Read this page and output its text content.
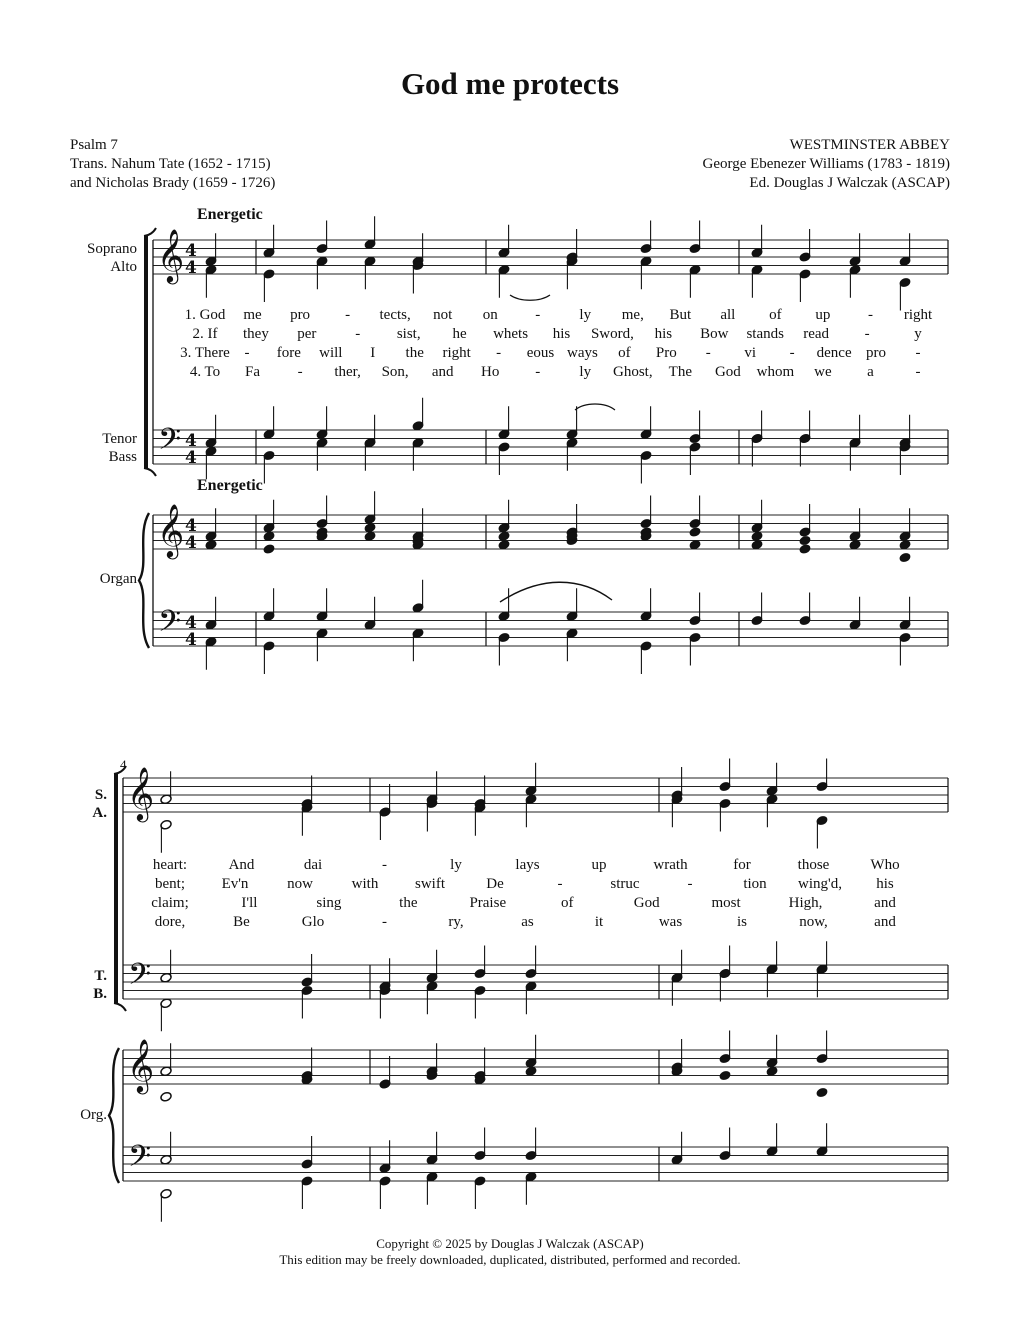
God me protects
Psalm 7
Trans. Nahum Tate (1652 - 1715)
and Nicholas Brady (1659 - 1726)
WESTMINSTER ABBEY
George Ebenezer Williams (1783 - 1819)
Ed. Douglas J Walczak (ASCAP)
Energetic
Energetic
Soprano
Alto
Tenor
Bass
Organ
4
S.
A.
T.
B.
Org.
𝄞
𝄢
𝄞
𝄢
4
4
4
4
4
4
4
4
𝄞
𝄢
𝄞
𝄢
1. God me pro - tects, not on	-	ly me, But all of up	- right
2. If they per	- sist, he whets his Sword, his Bow stands read -	y
3. There - fore will I the right - eous ways of Pro - vi - dence pro -
4. To Fa	- ther, Son, and Ho -	ly Ghost, The God whom we a	-
heart:	And	dai	-	ly	lays	up	wrath	for	those	Who
bent; Ev'n	now	with swift	De	-	struc	-	tion wing'd, his
claim;	I'll	sing	the	Praise	of	God	most	High,	and
dore,	Be	Glo	-	ry,	as	it	was	is	now,	and
Copyright © 2025 by Douglas J Walczak (ASCAP)
This edition may be freely downloaded, duplicated, distributed, performed and recorded.
